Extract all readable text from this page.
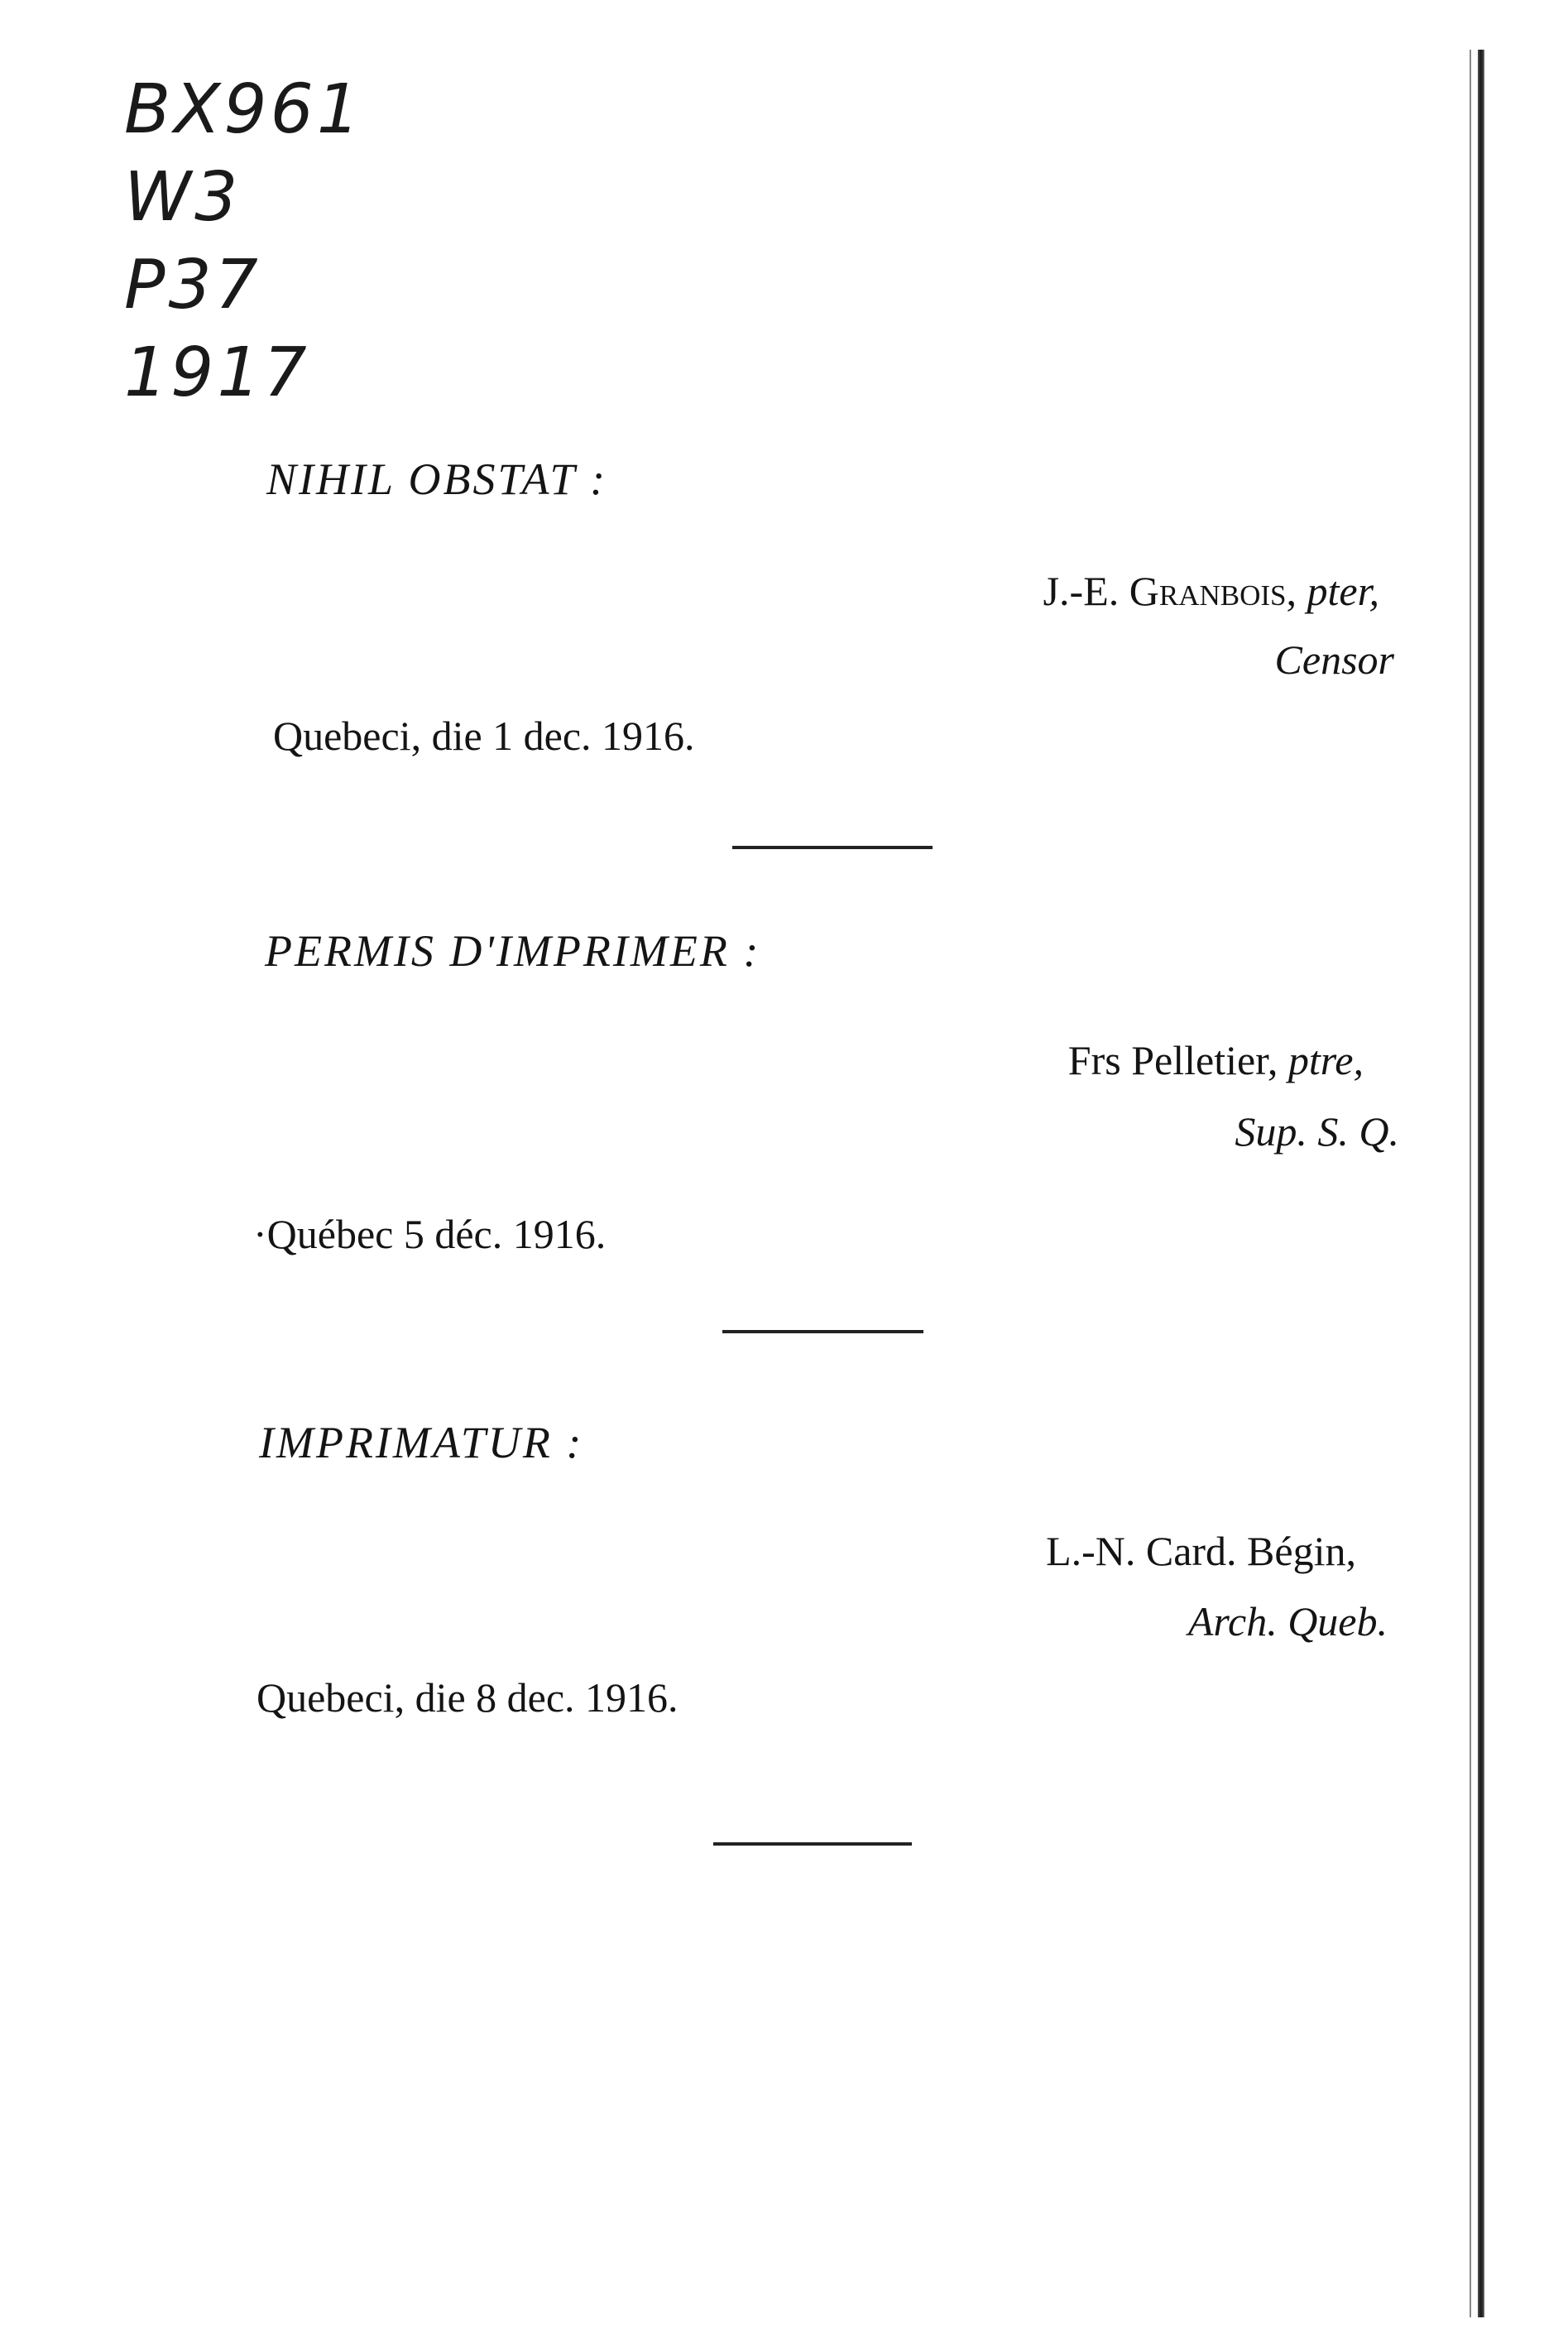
BX961
W3
P37
1917
NIHIL OBSTAT :
J.-E. Granbois, pter,
Censor
Quebeci, die 1 dec. 1916.
PERMIS D'IMPRIMER :
Frs Pelletier, ptre,
Sup. S. Q.
·Québec 5 déc. 1916.
IMPRIMATUR :
L.-N. Card. Bégin,
Arch. Queb.
Quebeci, die 8 dec. 1916.
